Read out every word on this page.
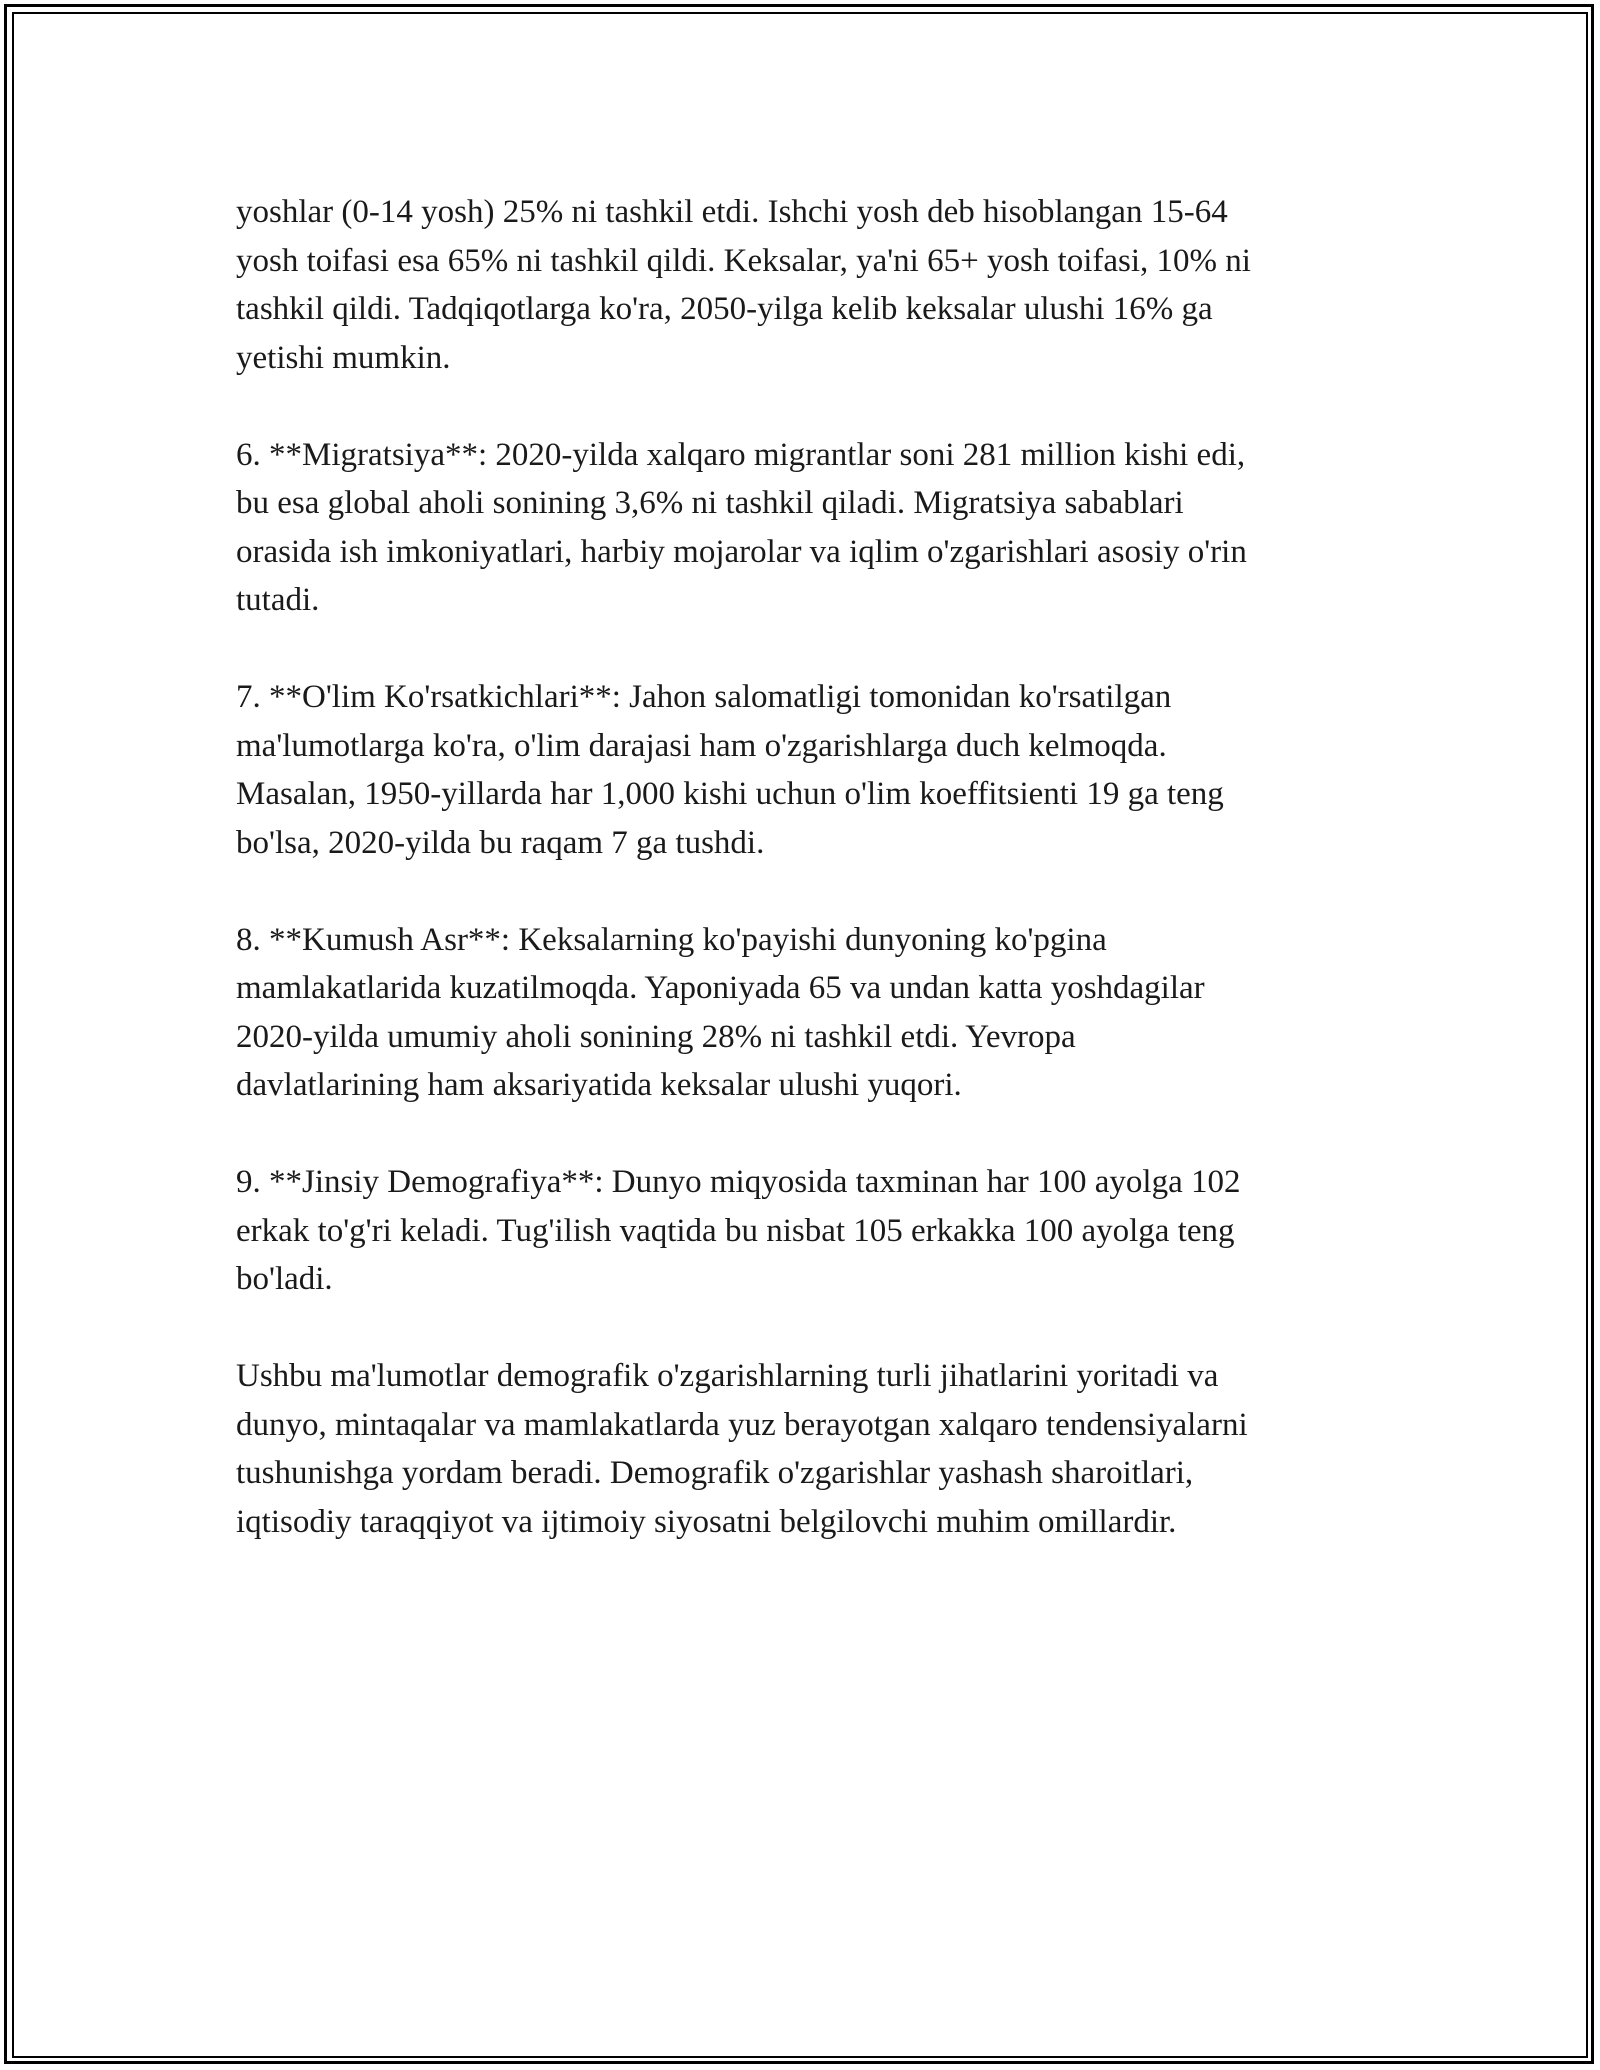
yoshlar (0-14 yosh) 25% ni tashkil etdi. Ishchi yosh deb hisoblangan 15-64
yosh toifasi esa 65% ni tashkil qildi. Keksalar, ya'ni 65+ yosh toifasi, 10% ni
tashkil qildi. Tadqiqotlarga ko'ra, 2050-yilga kelib keksalar ulushi 16% ga
yetishi mumkin.

6. **Migratsiya**: 2020-yilda xalqaro migrantlar soni 281 million kishi edi,
bu esa global aholi sonining 3,6% ni tashkil qiladi. Migratsiya sabablari
orasida ish imkoniyatlari, harbiy mojarolar va iqlim o'zgarishlari asosiy o'rin
tutadi.

7. **O'lim Ko'rsatkichlari**: Jahon salomatligi tomonidan ko'rsatilgan
ma'lumotlarga ko'ra, o'lim darajasi ham o'zgarishlarga duch kelmoqda.
Masalan, 1950-yillarda har 1,000 kishi uchun o'lim koeffitsienti 19 ga teng
bo'lsa, 2020-yilda bu raqam 7 ga tushdi.

8. **Kumush Asr**: Keksalarning ko'payishi dunyoning ko'pgina
mamlakatlarida kuzatilmoqda. Yaponiyada 65 va undan katta yoshdagilar
2020-yilda umumiy aholi sonining 28% ni tashkil etdi. Yevropa
davlatlarining ham aksariyatida keksalar ulushi yuqori.

9. **Jinsiy Demografiya**: Dunyo miqyosida taxminan har 100 ayolga 102
erkak to'g'ri keladi. Tug'ilish vaqtida bu nisbat 105 erkakka 100 ayolga teng
bo'ladi.

Ushbu ma'lumotlar demografik o'zgarishlarning turli jihatlarini yoritadi va
dunyo, mintaqalar va mamlakatlarda yuz berayotgan xalqaro tendensiyalarni
tushunishga yordam beradi. Demografik o'zgarishlar yashash sharoitlari,
iqtisodiy taraqqiyot va ijtimoiy siyosatni belgilovchi muhim omillardir.
